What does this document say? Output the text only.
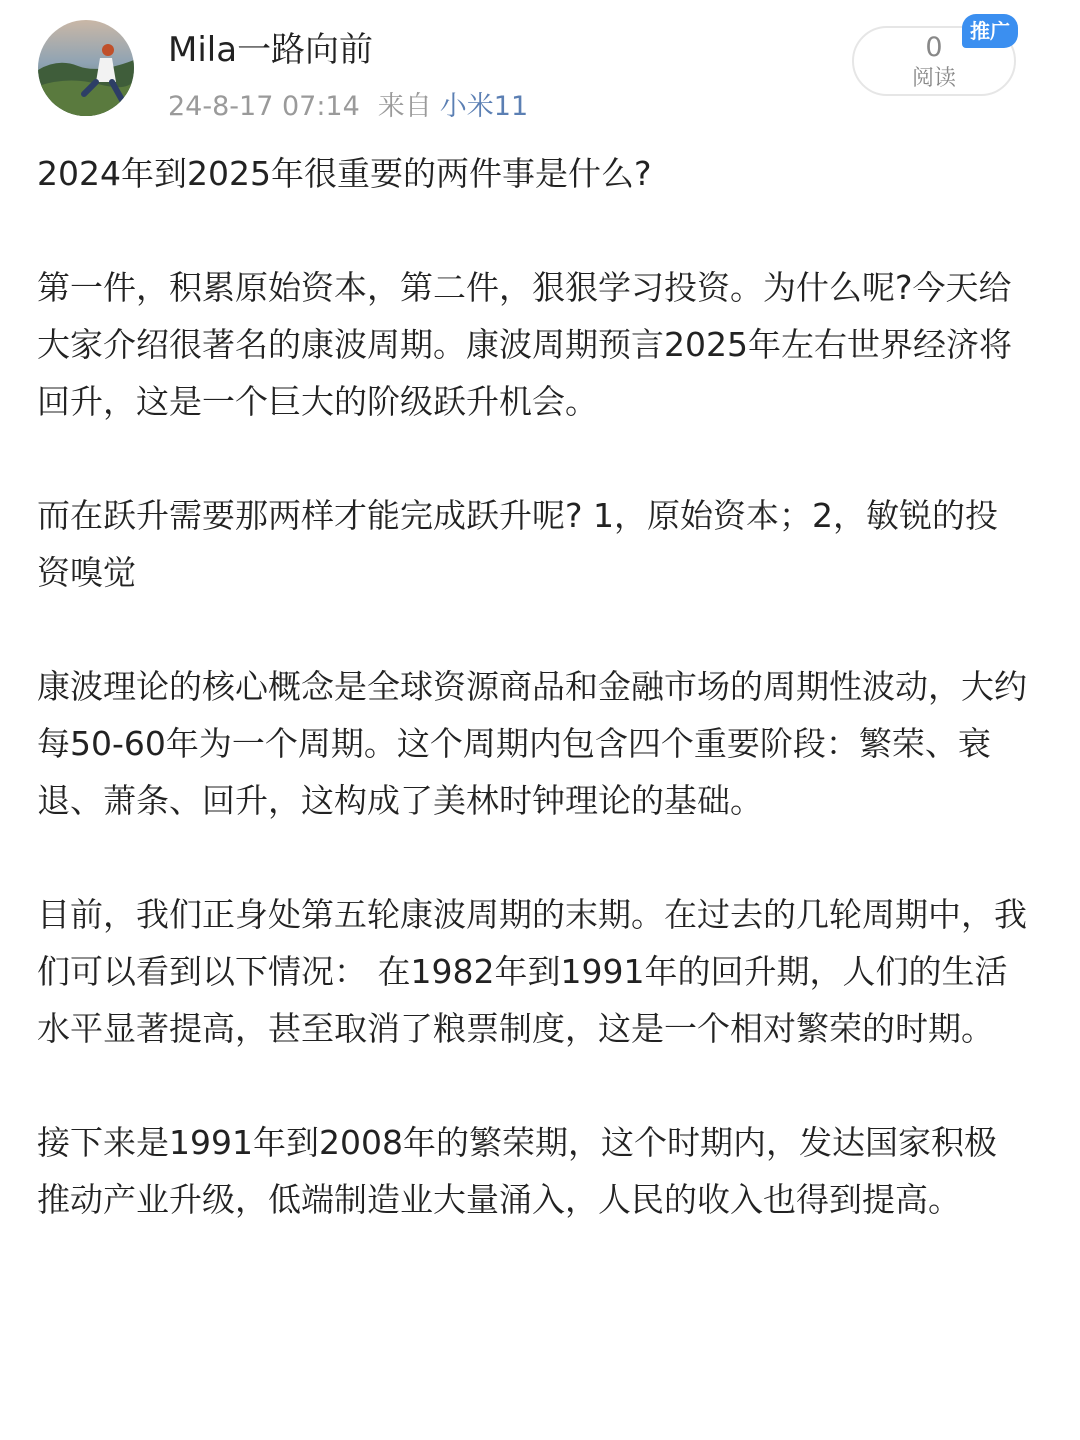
Mila一路向前
24-8-17 07:14 来自 小米11
0
阅读
推广

2024年到2025年很重要的两件事是什么?

第一件，积累原始资本，第二件，狠狠学习投资。为什么呢?今天给大家介绍很著名的康波周期。康波周期预言2025年左右世界经济将回升，这是一个巨大的阶级跃升机会。

而在跃升需要那两样才能完成跃升呢? 1，原始资本；2，敏锐的投资嗅觉

康波理论的核心概念是全球资源商品和金融市场的周期性波动，大约每50-60年为一个周期。这个周期内包含四个重要阶段：繁荣、衰退、萧条、回升，这构成了美林时钟理论的基础。

目前，我们正身处第五轮康波周期的末期。在过去的几轮周期中，我们可以看到以下情况： 在1982年到1991年的回升期，人们的生活水平显著提高，甚至取消了粮票制度，这是一个相对繁荣的时期。

接下来是1991年到2008年的繁荣期，这个时期内，发达国家积极推动产业升级，低端制造业大量涌入，人民的收入也得到提高。
